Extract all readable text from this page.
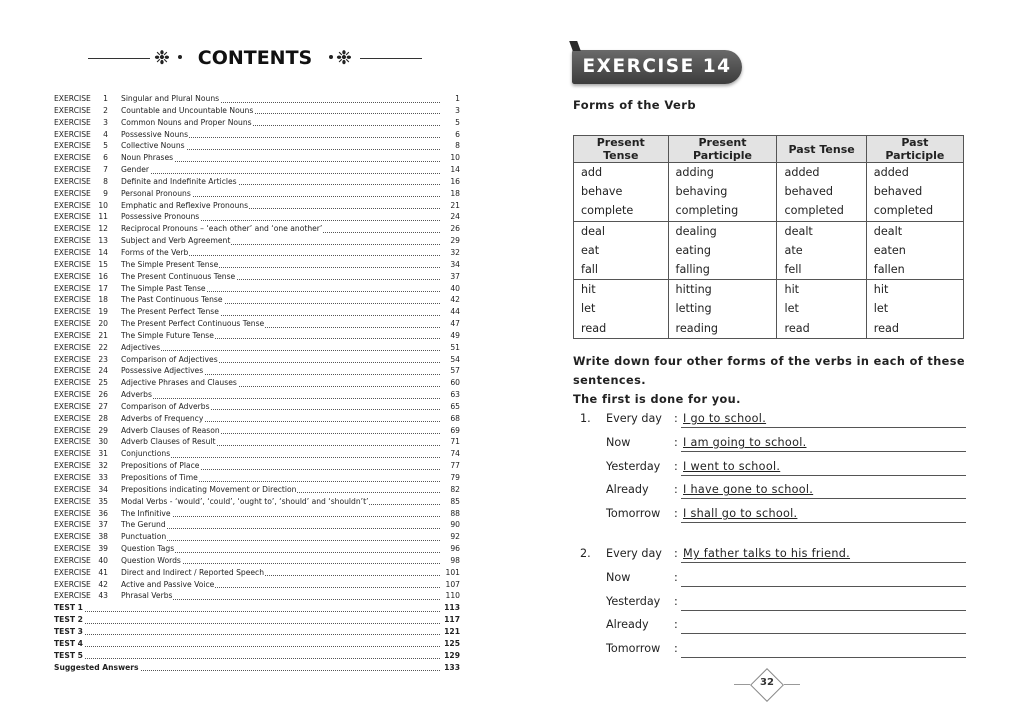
❉	CONTENTS	❉
EXERCISE	1 Singular and Plural Nouns	1
EXERCISE	2 Countable and Uncountable Nouns	3
EXERCISE	3 Common Nouns and Proper Nouns	5
EXERCISE	4 Possessive Nouns	6
EXERCISE	5 Collective Nouns	8
EXERCISE	6 Noun Phrases	10
EXERCISE	7 Gender	14
EXERCISE	8 Definite and Indefinite Articles	16
EXERCISE	9 Personal Pronouns	18
EXERCISE 10 Emphatic and Reflexive Pronouns	21
EXERCISE 11 Possessive Pronouns	24
EXERCISE 12 Reciprocal Pronouns – ‘each other’ and ‘one another’	26
EXERCISE 13 Subject and Verb Agreement	29
EXERCISE 14 Forms of the Verb	32
EXERCISE 15 The Simple Present Tense	34
EXERCISE 16 The Present Continuous Tense	37
EXERCISE 17 The Simple Past Tense	40
EXERCISE 18 The Past Continuous Tense	42
EXERCISE 19 The Present Perfect Tense	44
EXERCISE 20 The Present Perfect Continuous Tense	47
EXERCISE 21 The Simple Future Tense	49
EXERCISE 22 Adjectives	51
EXERCISE 23 Comparison of Adjectives	54
EXERCISE 24 Possessive Adjectives	57
EXERCISE 25 Adjective Phrases and Clauses	60
EXERCISE 26 Adverbs	63
EXERCISE 27 Comparison of Adverbs	65
EXERCISE 28 Adverbs of Frequency	68
EXERCISE 29 Adverb Clauses of Reason	69
EXERCISE 30 Adverb Clauses of Result	71
EXERCISE 31 Conjunctions	74
EXERCISE 32 Prepositions of Place	77
EXERCISE 33 Prepositions of Time	79
EXERCISE 34 Prepositions indicating Movement or Direction	82
EXERCISE 35 Modal Verbs - ‘would’, ‘could’, ‘ought to’, ‘should’ and ‘shouldn’t’	85
EXERCISE 36 The Infinitive	88
EXERCISE 37 The Gerund	90
EXERCISE 38 Punctuation	92
EXERCISE 39 Question Tags	96
EXERCISE 40 Question Words	98
EXERCISE 41 Direct and Indirect / Reported Speech	101
EXERCISE 42 Active and Passive Voice	107
EXERCISE 43 Phrasal Verbs	110
TEST 1	113
TEST 2	117
TEST 3	121
TEST 4	125
TEST 5	129
Suggested Answers	133
EXERCISE 14
Forms of the Verb
Present Tense	Present Participle	Past Tense	Past Participle
add	adding	added	added
behave	behaving	behaved	behaved
complete	completing	completed	completed
deal	dealing	dealt	dealt
eat	eating	ate	eaten
fall	falling	fell	fallen
hit	hitting	hit	hit
let	letting	let	let
read	reading	read	read
Write down four other forms of the verbs in each of these sentences.
The first is done for you.
1. Every day : I go to school.
Now	: I am going to school.
Yesterday : I went to school.
Already : I have gone to school.
Tomorrow : I shall go to school.
2. Every day : My father talks to his friend.
Now	:
Yesterday :
Already :
Tomorrow :
32
